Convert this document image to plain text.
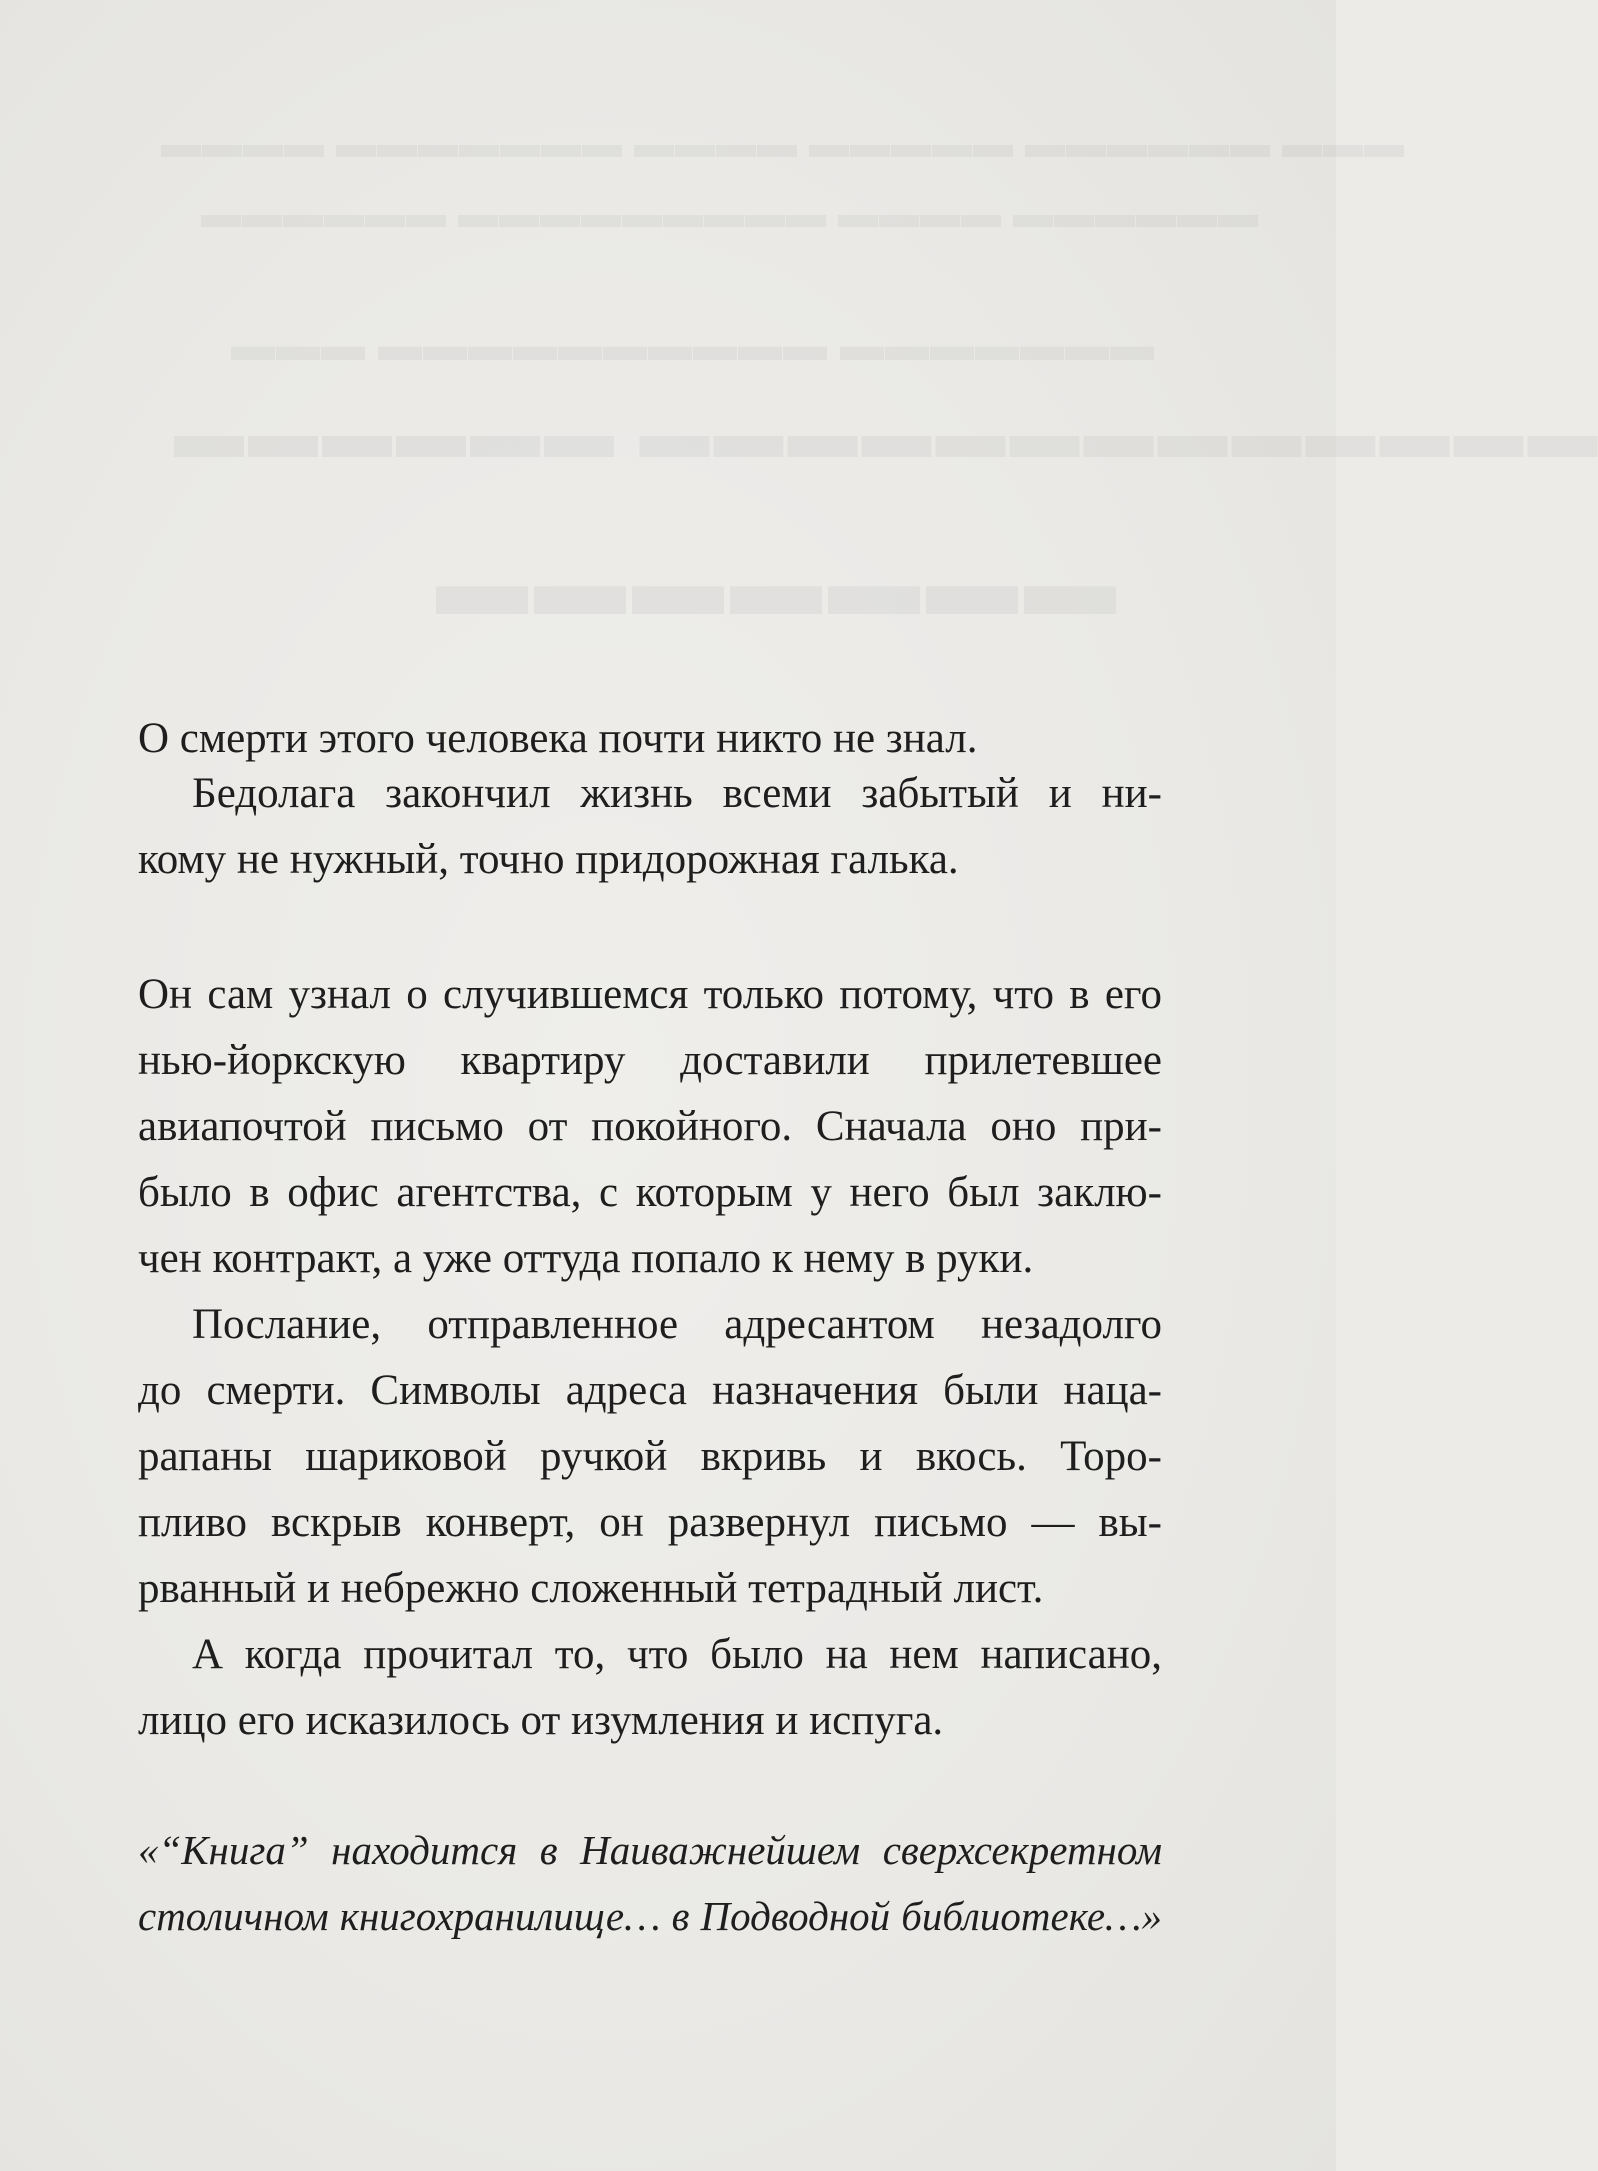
▬▬▬ ▬▬▬▬▬▬ ▬▬▬▬▬ ▬▬▬▬ ▬▬▬▬▬▬▬ ▬▬▬▬
▬▬▬▬▬▬ ▬▬▬▬ ▬▬▬▬▬▬▬▬▬ ▬▬▬▬▬▬
▬▬▬▬▬▬▬ ▬▬▬▬▬▬▬▬▬▬ ▬▬▬
▬▬▬▬▬▬▬▬▬▬▬▬▬ ▬▬▬▬▬▬
▬▬▬▬▬▬▬
О смерти этого человека почти никто не знал.
Бедолага закончил жизнь всеми забытый и ни-
кому не нужный, точно придорожная галька.
Он сам узнал о случившемся только потому, что в его
нью-йоркскую квартиру доставили прилетевшее
авиапочтой письмо от покойного. Сначала оно при-
было в офис агентства, с которым у него был заклю-
чен контракт, а уже оттуда попало к нему в руки.
Послание, отправленное адресантом незадолго
до смерти. Символы адреса назначения были наца-
рапаны шариковой ручкой вкривь и вкось. Торо-
пливо вскрыв конверт, он развернул письмо — вы-
рванный и небрежно сложенный тетрадный лист.
А когда прочитал то, что было на нем написано,
лицо его исказилось от изумления и испуга.
«“Книга” находится в Наиважнейшем сверхсекретном
столичном книгохранилище… в Подводной библиотеке…»
